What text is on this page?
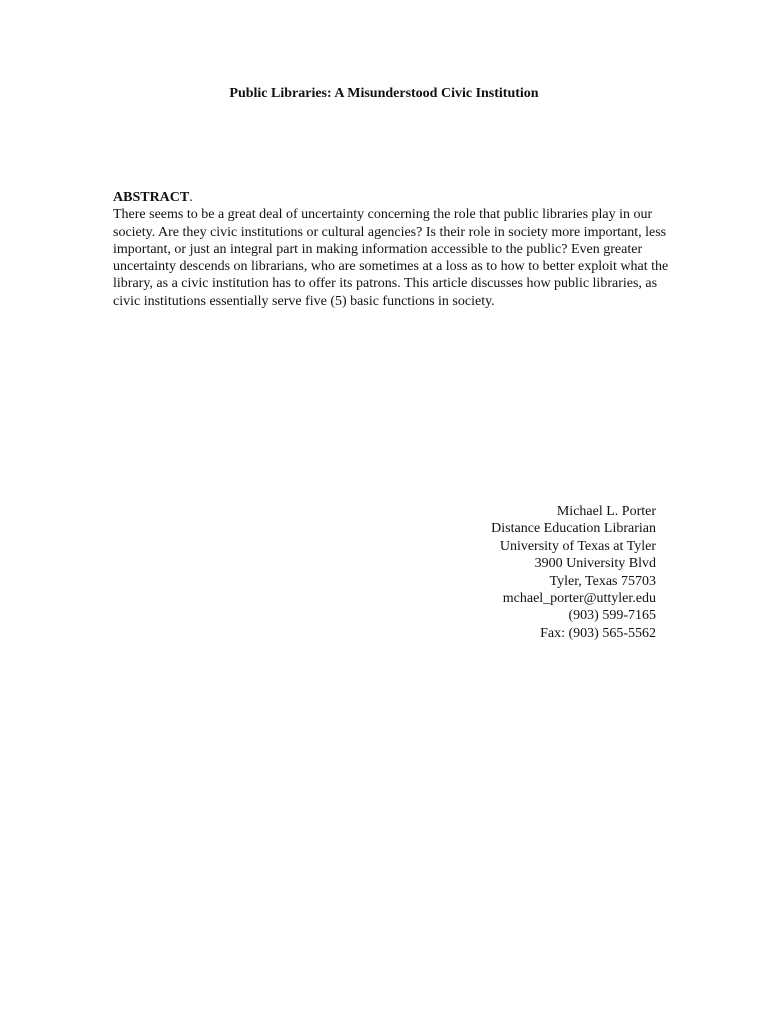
Public Libraries: A Misunderstood Civic Institution
ABSTRACT.

There seems to be a great deal of uncertainty concerning the role that public libraries play in our society. Are they civic institutions or cultural agencies? Is their role in society more important, less important, or just an integral part in making information accessible to the public? Even greater uncertainty descends on librarians, who are sometimes at a loss as to how to better exploit what the library, as a civic institution has to offer its patrons. This article discusses how public libraries, as civic institutions essentially serve five (5) basic functions in society.

Michael L. Porter
Distance Education Librarian
University of Texas at Tyler
3900 University Blvd
Tyler, Texas 75703
mchael_porter@uttyler.edu
(903) 599-7165
Fax: (903) 565-5562
